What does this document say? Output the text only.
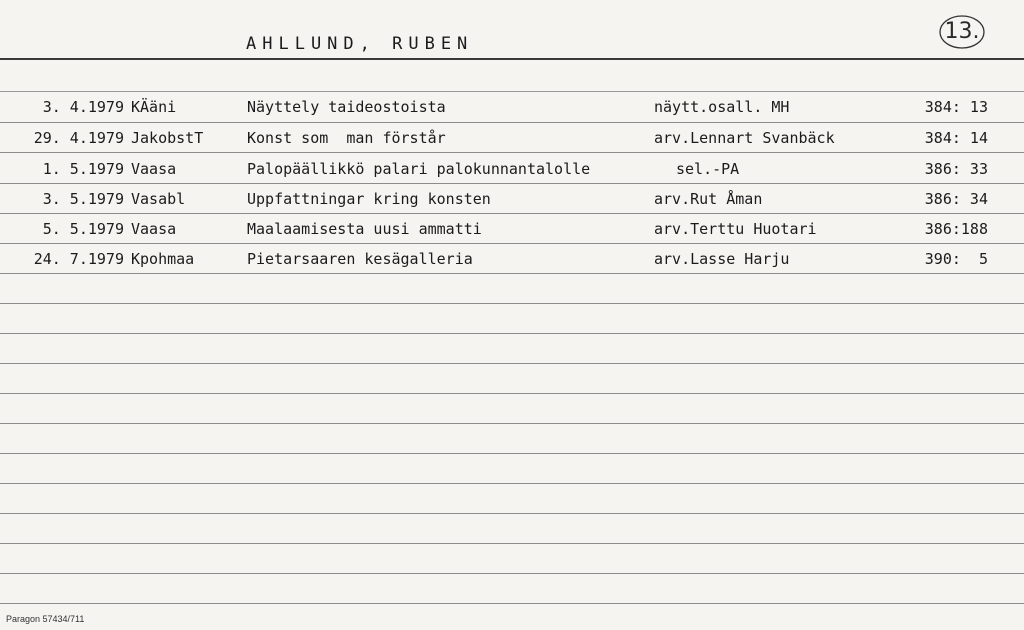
AHLLUND, RUBEN	13.
3. 4.1979 KÄäni	Näyttely taideostoista	näytt.osall. MH	384: 13
29. 4.1979 JakobstT	Konst som  man förstår	arv.Lennart Svanbäck	384: 14
1. 5.1979 Vaasa	Palopäällikkö palari palokunnantalolle	sel.-PA	386: 33
3. 5.1979 Vasabl	Uppfattningar kring konsten	arv.Rut Åman	386: 34
5. 5.1979 Vaasa	Maalaamisesta uusi ammatti	arv.Terttu Huotari	386:188
24. 7.1979 Kpohmaa	Pietarsaaren kesägalleria	arv.Lasse Harju	390:  5
Paragon 57434/711
